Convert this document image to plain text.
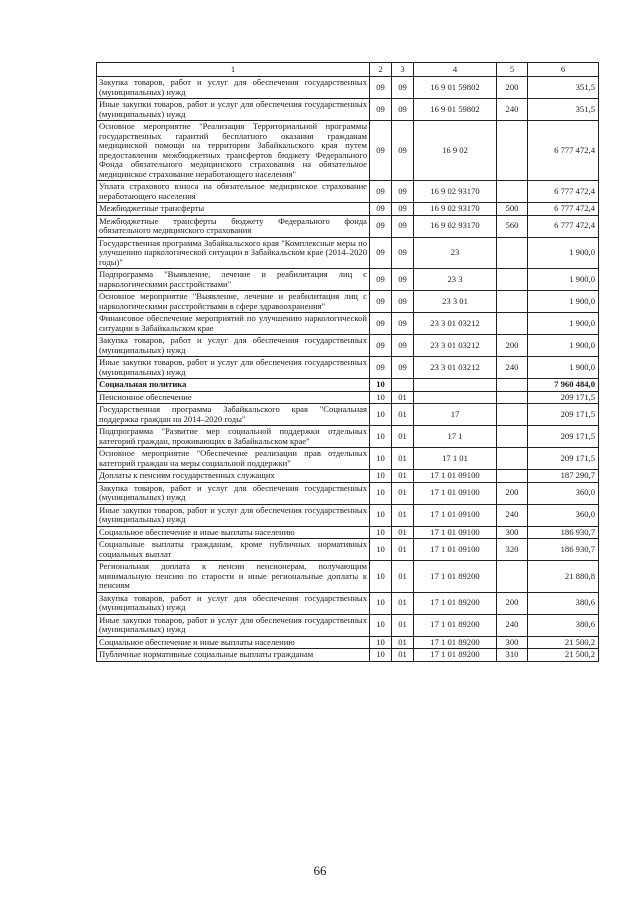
1	2	3	4	5	6
Закупка товаров, работ и услуг для обеспечения государственных (муниципальных) нужд	09	09	16 9 01 59802	200	351,5
Иные закупки товаров, работ и услуг для обеспечения государственных (муниципальных) нужд	09	09	16 9 01 59802	240	351,5
Основное мероприятие "Реализация Территориальной программы государственных гарантий бесплатного оказания гражданам медицинской помощи на территории Забайкальского края путем предоставления межбюджетных трансфертов бюджету Федерального Фонда обязательного медицинского страхования на обязательное медицинское страхование неработающего населения"	09	09	16 9 02		6 777 472,4
Уплата страхового взноса на обязательное медицинское страхование неработающего населения	09	09	16 9 02 93170		6 777 472,4
Межбюджетные трансферты	09	09	16 9 02 93170	500	6 777 472,4
Межбюджетные трансферты бюджету Федерального фонда обязательного медицинского страхования	09	09	16 9 02 93170	560	6 777 472,4
Государственная программа Забайкальского края "Комплексные меры по улучшению наркологической ситуации в Забайкальском крае (2014–2020 годы)"	09	09	23		1 900,0
Подпрограмма "Выявление, лечение и реабилитация лиц с наркологическими расстройствами"	09	09	23 3		1 900,0
Основное мероприятие "Выявление, лечение и реабилитация лиц с наркологическими расстройствами в сфере здравоохранения"	09	09	23 3 01		1 900,0
Финансовое обеспечение мероприятий по улучшению наркологической ситуации в Забайкальском крае	09	09	23 3 01 03212		1 900,0
Закупка товаров, работ и услуг для обеспечения государственных (муниципальных) нужд	09	09	23 3 01 03212	200	1 900,0
Иные закупки товаров, работ и услуг для обеспечения государственных (муниципальных) нужд	09	09	23 3 01 03212	240	1 900,0
Социальная политика	10				7 960 484,0
Пенсионное обеспечение	10	01			209 171,5
Государственная программа Забайкальского края "Социальная поддержка граждан на 2014–2020 годы"	10	01	17		209 171,5
Подпрограмма "Развитие мер социальной поддержки отдельных категорий граждан, проживающих в Забайкальском крае"	10	01	17 1		209 171,5
Основное мероприятие "Обеспечение реализации прав отдельных категорий граждан на меры социальной поддержки"	10	01	17 1 01		209 171,5
Доплаты к пенсиям государственных служащих	10	01	17 1 01 09100		187 290,7
Закупка товаров, работ и услуг для обеспечения государственных (муниципальных) нужд	10	01	17 1 01 09100	200	360,0
Иные закупки товаров, работ и услуг для обеспечения государственных (муниципальных) нужд	10	01	17 1 01 09100	240	360,0
Социальное обеспечение и иные выплаты населению	10	01	17 1 01 09100	300	186 930,7
Социальные выплаты гражданам, кроме публичных нормативных социальных выплат	10	01	17 1 01 09100	320	186 930,7
Региональная доплата к пенсии пенсионерам, получающим минимальную пенсию по старости и иные региональные доплаты к пенсиям	10	01	17 1 01 89200		21 880,8
Закупка товаров, работ и услуг для обеспечения государственных (муниципальных) нужд	10	01	17 1 01 89200	200	380,6
Иные закупки товаров, работ и услуг для обеспечения государственных (муниципальных) нужд	10	01	17 1 01 89200	240	380,6
Социальное обеспечение и иные выплаты населению	10	01	17 1 01 89200	300	21 500,2
Публичные нормативные социальные выплаты гражданам	10	01	17 1 01 89200	310	21 500,2
66
